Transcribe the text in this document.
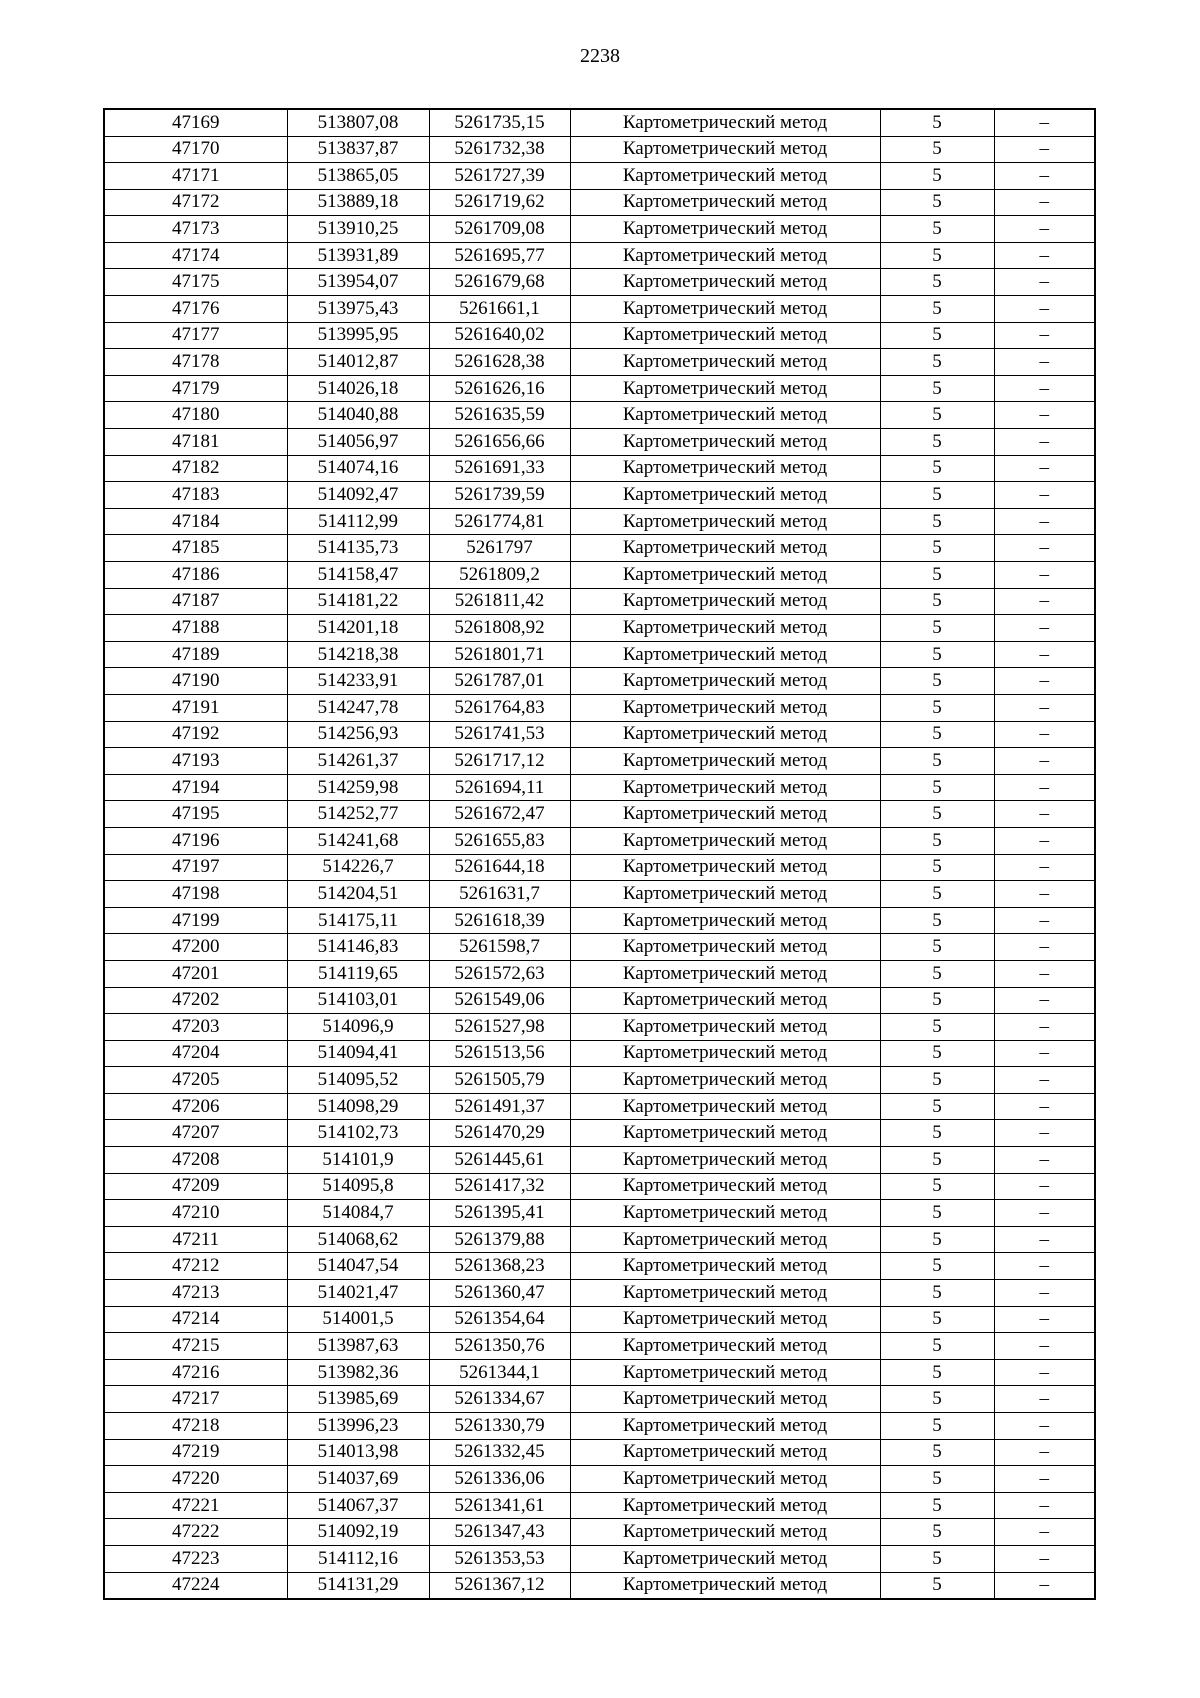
2238
47169	513807,08	5261735,15	Картометрический метод	5	–
47170	513837,87	5261732,38	Картометрический метод	5	–
47171	513865,05	5261727,39	Картометрический метод	5	–
47172	513889,18	5261719,62	Картометрический метод	5	–
47173	513910,25	5261709,08	Картометрический метод	5	–
47174	513931,89	5261695,77	Картометрический метод	5	–
47175	513954,07	5261679,68	Картометрический метод	5	–
47176	513975,43	5261661,1	Картометрический метод	5	–
47177	513995,95	5261640,02	Картометрический метод	5	–
47178	514012,87	5261628,38	Картометрический метод	5	–
47179	514026,18	5261626,16	Картометрический метод	5	–
47180	514040,88	5261635,59	Картометрический метод	5	–
47181	514056,97	5261656,66	Картометрический метод	5	–
47182	514074,16	5261691,33	Картометрический метод	5	–
47183	514092,47	5261739,59	Картометрический метод	5	–
47184	514112,99	5261774,81	Картометрический метод	5	–
47185	514135,73	5261797	Картометрический метод	5	–
47186	514158,47	5261809,2	Картометрический метод	5	–
47187	514181,22	5261811,42	Картометрический метод	5	–
47188	514201,18	5261808,92	Картометрический метод	5	–
47189	514218,38	5261801,71	Картометрический метод	5	–
47190	514233,91	5261787,01	Картометрический метод	5	–
47191	514247,78	5261764,83	Картометрический метод	5	–
47192	514256,93	5261741,53	Картометрический метод	5	–
47193	514261,37	5261717,12	Картометрический метод	5	–
47194	514259,98	5261694,11	Картометрический метод	5	–
47195	514252,77	5261672,47	Картометрический метод	5	–
47196	514241,68	5261655,83	Картометрический метод	5	–
47197	514226,7	5261644,18	Картометрический метод	5	–
47198	514204,51	5261631,7	Картометрический метод	5	–
47199	514175,11	5261618,39	Картометрический метод	5	–
47200	514146,83	5261598,7	Картометрический метод	5	–
47201	514119,65	5261572,63	Картометрический метод	5	–
47202	514103,01	5261549,06	Картометрический метод	5	–
47203	514096,9	5261527,98	Картометрический метод	5	–
47204	514094,41	5261513,56	Картометрический метод	5	–
47205	514095,52	5261505,79	Картометрический метод	5	–
47206	514098,29	5261491,37	Картометрический метод	5	–
47207	514102,73	5261470,29	Картометрический метод	5	–
47208	514101,9	5261445,61	Картометрический метод	5	–
47209	514095,8	5261417,32	Картометрический метод	5	–
47210	514084,7	5261395,41	Картометрический метод	5	–
47211	514068,62	5261379,88	Картометрический метод	5	–
47212	514047,54	5261368,23	Картометрический метод	5	–
47213	514021,47	5261360,47	Картометрический метод	5	–
47214	514001,5	5261354,64	Картометрический метод	5	–
47215	513987,63	5261350,76	Картометрический метод	5	–
47216	513982,36	5261344,1	Картометрический метод	5	–
47217	513985,69	5261334,67	Картометрический метод	5	–
47218	513996,23	5261330,79	Картометрический метод	5	–
47219	514013,98	5261332,45	Картометрический метод	5	–
47220	514037,69	5261336,06	Картометрический метод	5	–
47221	514067,37	5261341,61	Картометрический метод	5	–
47222	514092,19	5261347,43	Картометрический метод	5	–
47223	514112,16	5261353,53	Картометрический метод	5	–
47224	514131,29	5261367,12	Картометрический метод	5	–
